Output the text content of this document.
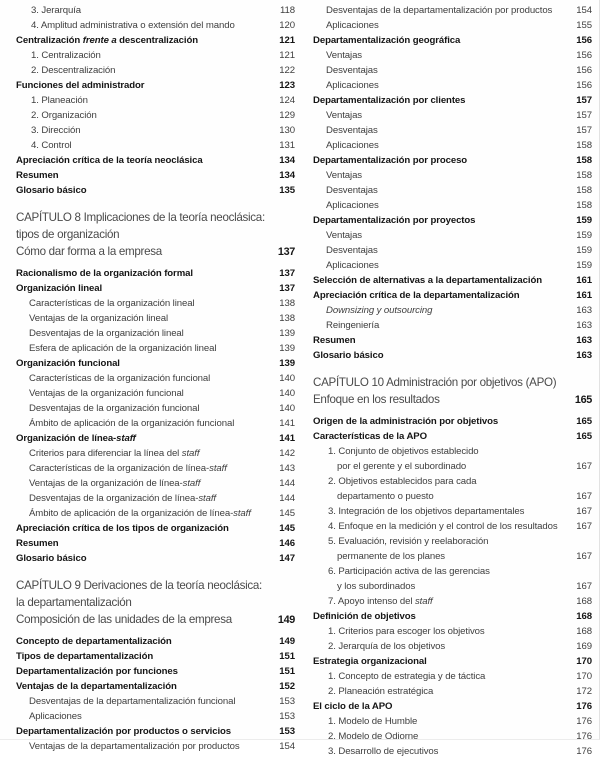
3. Jerarquía	118
4. Amplitud administrativa o extensión del mando	120
Centralización frente a descentralización	121
1. Centralización	121
2. Descentralización	122
Funciones del administrador	123
1. Planeación	124
2. Organización	129
3. Dirección	130
4. Control	131
Apreciación crítica de la teoría neoclásica	134
Resumen	134
Glosario básico	135
CAPÍTULO 8 Implicaciones de la teoría neoclásica:
tipos de organización
Cómo dar forma a la empresa	137
Racionalismo de la organización formal	137
Organización lineal	137
Características de la organización lineal	138
Ventajas de la organización lineal	138
Desventajas de la organización lineal	139
Esfera de aplicación de la organización lineal	139
Organización funcional	139
Características de la organización funcional	140
Ventajas de la organización funcional	140
Desventajas de la organización funcional	140
Ámbito de aplicación de la organización funcional	141
Organización de línea-staff	141
Criterios para diferenciar la línea del staff	142
Características de la organización de línea-staff	143
Ventajas de la organización de línea-staff	144
Desventajas de la organización de línea-staff	144
Ámbito de aplicación de la organización de línea-staff	145
Apreciación crítica de los tipos de organización	145
Resumen	146
Glosario básico	147
CAPÍTULO 9 Derivaciones de la teoría neoclásica:
la departamentalización
Composición de las unidades de la empresa	149
Concepto de departamentalización	149
Tipos de departamentalización	151
Departamentalización por funciones	151
Ventajas de la departamentalización	152
Desventajas de la departamentalización funcional	153
Aplicaciones	153
Departamentalización por productos o servicios	153
Ventajas de la departamentalización por productos	154
Desventajas de la departamentalización por productos	154
Aplicaciones	155
Departamentalización geográfica	156
Ventajas	156
Desventajas	156
Aplicaciones	156
Departamentalización por clientes	157
Ventajas	157
Desventajas	157
Aplicaciones	158
Departamentalización por proceso	158
Ventajas	158
Desventajas	158
Aplicaciones	158
Departamentalización por proyectos	159
Ventajas	159
Desventajas	159
Aplicaciones	159
Selección de alternativas a la departamentalización	161
Apreciación crítica de la departamentalización	161
Downsizing y outsourcing	163
Reingeniería	163
Resumen	163
Glosario básico	163
CAPÍTULO 10 Administración por objetivos (APO)
Enfoque en los resultados	165
Origen de la administración por objetivos	165
Características de la APO	165
1. Conjunto de objetivos establecido
por el gerente y el subordinado	167
2. Objetivos establecidos para cada
departamento o puesto	167
3. Integración de los objetivos departamentales	167
4. Enfoque en la medición y el control de los resultados	167
5. Evaluación, revisión y reelaboración
permanente de los planes	167
6. Participación activa de las gerencias
y los subordinados	167
7. Apoyo intenso del staff	168
Definición de objetivos	168
1. Criterios para escoger los objetivos	168
2. Jerarquía de los objetivos	169
Estrategia organizacional	170
1. Concepto de estrategia y de táctica	170
2. Planeación estratégica	172
El ciclo de la APO	176
1. Modelo de Humble	176
2. Modelo de Odiorne	176
3. Desarrollo de ejecutivos	176
